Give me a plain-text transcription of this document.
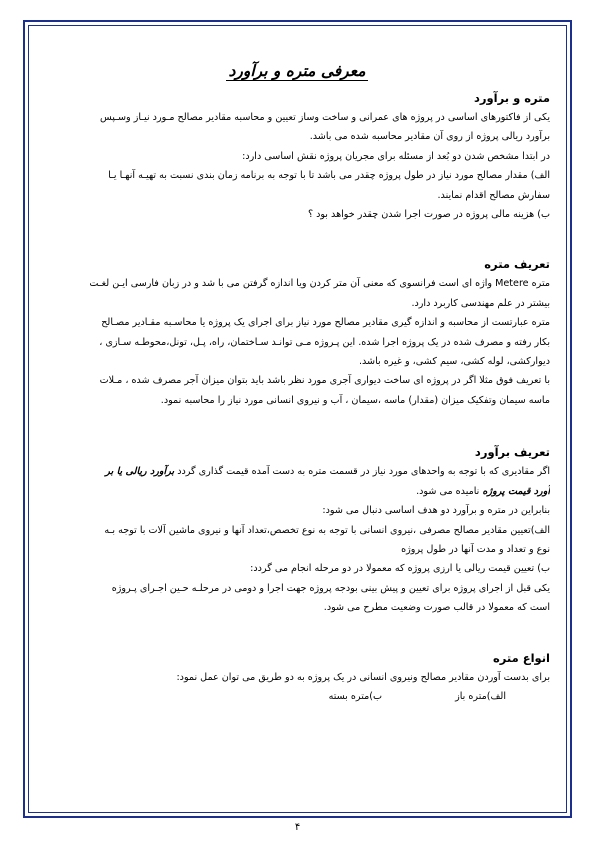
معرفی متره و برآورد
متره و برآورد

یکی از فاکتورهای اساسی در پروژه های عمرانی و ساخت وساز تعیین و محاسبه مقادیر مصالح مـورد نیـاز وسـپس

برآورد ریالی پروژه از روی آن مقادیر محاسبه شده می باشد.

در ابتدا مشخص شدن دو بُعد از مسئله برای مجریان پروژه نقش اساسی دارد:

الف) مقدار مصالح مورد نیاز در طول پروژه چقدر می باشد تا با توجه به برنامه زمان بندی نسبت به تهیـه آنهـا یـا

سفارش مصالح اقدام نمایند.

ب) هزینه مالی پروژه در صورت اجرا شدن چقدر خواهد بود ؟

تعریف متره

متره Metere واژه ای است فرانسوی که معنی آن متر کردن ویا اندازه گرفتن می با شد و در زبان فارسی ایـن لغـت

بیشتر در علم مهندسی کاربرد دارد.

متره عبارتست از محاسبه و اندازه گیری مقادیر مصالح مورد نیاز برای اجرای یک پروژه یا محاسـبه مقـادیر مصـالح

بکار رفته و مصرف شده در یک پروژه اجرا شده. این پـروژه مـی توانـد سـاختمان، راه، پـل، تونل،محوطـه سـازی ،

دیوارکشی، لوله کشی، سیم کشی، و غیره باشد.

با تعریف فوق مثلا اگر در پروژه ای ساخت دیواری آجری مورد نظر باشد باید بتوان میزان آجر مصرف شده ، مـلات

ماسه سیمان وتفکیک میزان (مقدار) ماسه ،سیمان ، آب و نیروی انسانی مورد نیاز را محاسبه نمود.

تعریف برآورد

اگر مقادیری که با توجه به واحدهای مورد نیاز در قسمت متره به دست آمده قیمت گذاری گردد برآورد ریالی یا بر

آورد قیمت پروژه نامیده می شود.

بنابراین در متره و برآورد دو هدف اساسی دنبال می شود:

الف)تعیین مقادیر مصالح مصرفی ،نیروی انسانی با توجه به نوع تخصص،تعداد آنها و نیروی ماشین آلات با توجه بـه

نوع و تعداد و مدت آنها در طول پروژه

ب) تعیین قیمت ریالی یا ارزی پروژه که معمولا در دو مرحله انجام می گردد:

یکی قبل از اجرای پروژه برای تعیین و پیش بینی بودجه پروژه جهت اجرا و دومی در مرحلـه حـین اجـرای پـروژه

است که معمولا در قالب صورت وضعیت مطرح می شود.

انواع متره

برای بدست آوردن مقادیر مصالح ونیروی انسانی در یک پروژه به دو طریق می توان عمل نمود:

الف)متره باز ب)متره بسته

۴
